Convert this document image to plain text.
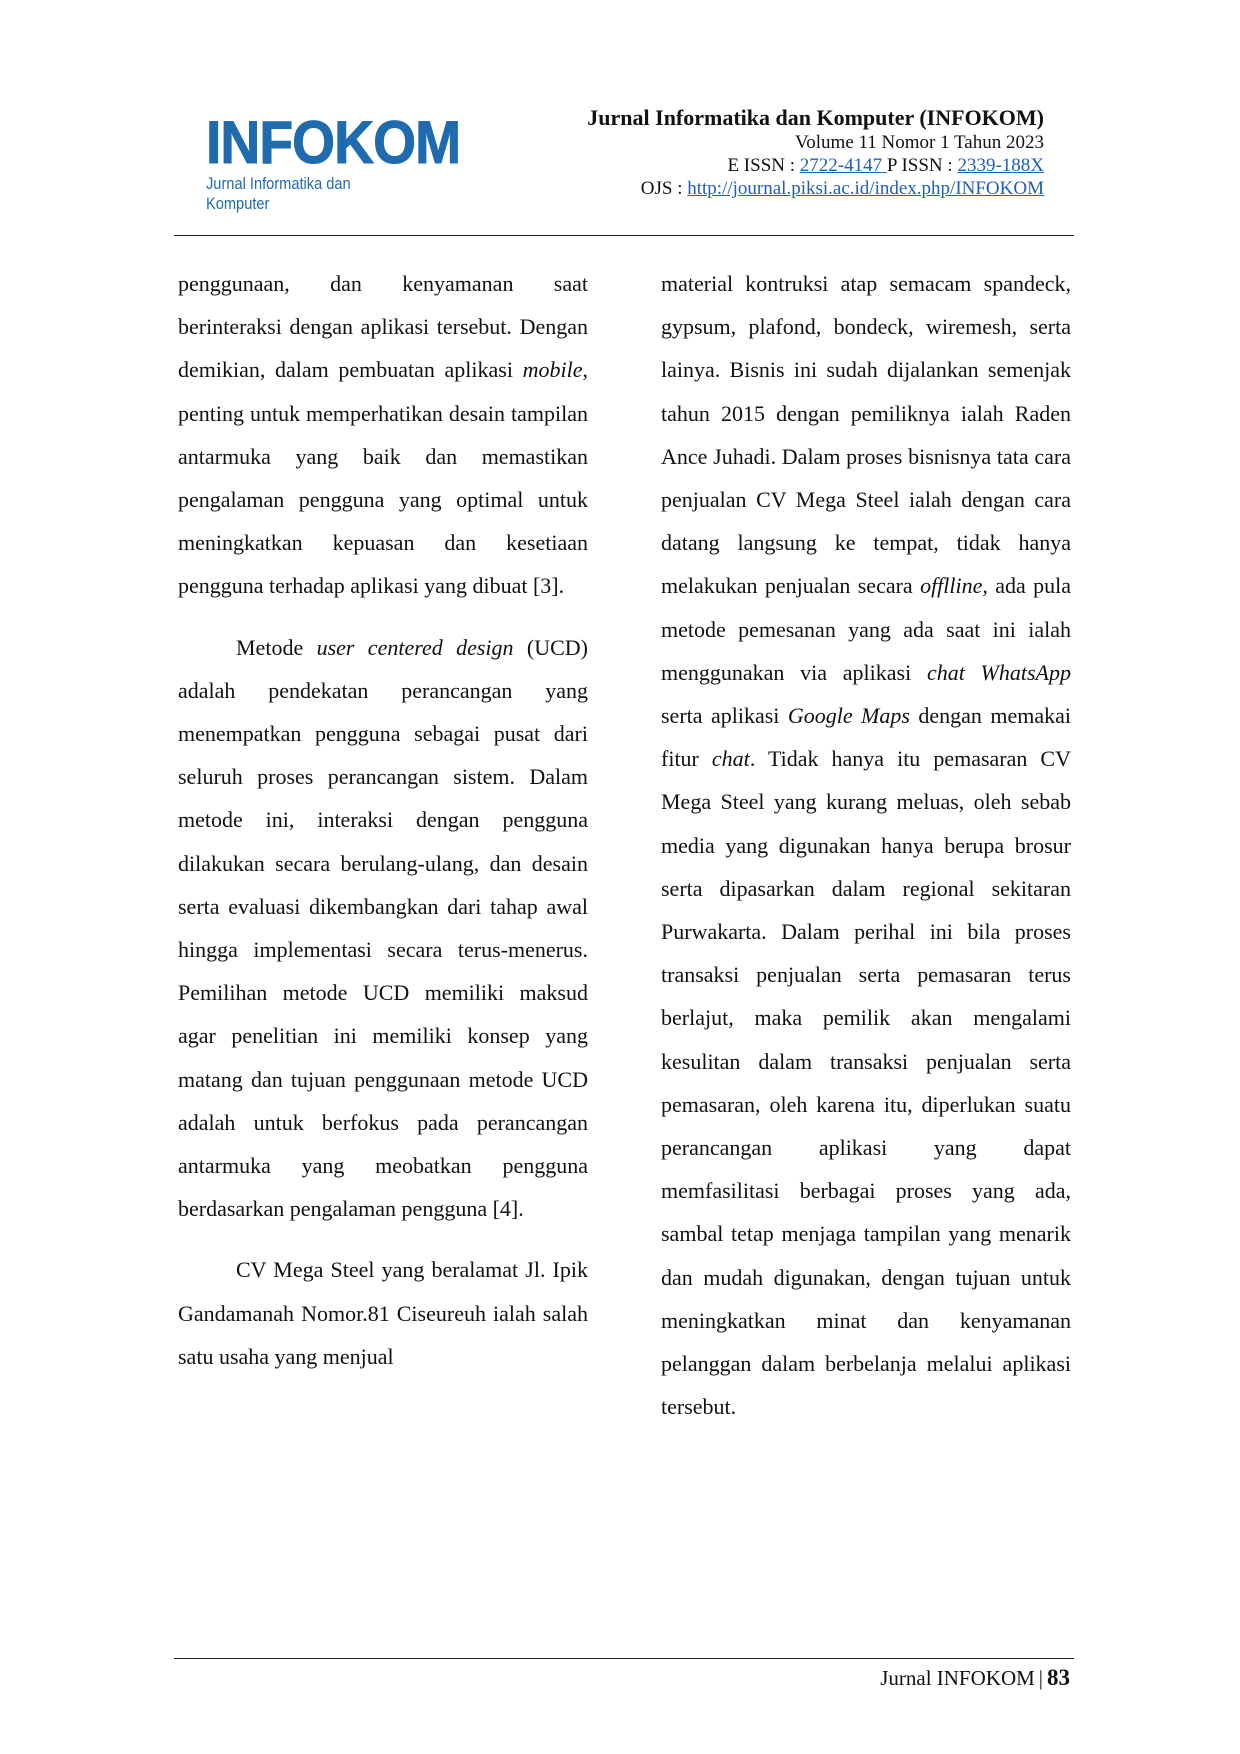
INFOKOM
Jurnal Informatika dan Komputer
Jurnal Informatika dan Komputer (INFOKOM)
Volume 11 Nomor 1 Tahun 2023
E ISSN : 2722-4147 P ISSN : 2339-188X
OJS : http://journal.piksi.ac.id/index.php/INFOKOM

penggunaan, dan kenyamanan saat berinteraksi dengan aplikasi tersebut. Dengan demikian, dalam pembuatan aplikasi mobile, penting untuk memperhatikan desain tampilan antarmuka yang baik dan memastikan pengalaman pengguna yang optimal untuk meningkatkan kepuasan dan kesetiaan pengguna terhadap aplikasi yang dibuat [3].

Metode user centered design (UCD) adalah pendekatan perancangan yang menempatkan pengguna sebagai pusat dari seluruh proses perancangan sistem. Dalam metode ini, interaksi dengan pengguna dilakukan secara berulang-ulang, dan desain serta evaluasi dikembangkan dari tahap awal hingga implementasi secara terus-menerus. Pemilihan metode UCD memiliki maksud agar penelitian ini memiliki konsep yang matang dan tujuan penggunaan metode UCD adalah untuk berfokus pada perancangan antarmuka yang meobatkan pengguna berdasarkan pengalaman pengguna [4].

CV Mega Steel yang beralamat Jl. Ipik Gandamanah Nomor.81 Ciseureuh ialah salah satu usaha yang menjual

material kontruksi atap semacam spandeck, gypsum, plafond, bondeck, wiremesh, serta lainya. Bisnis ini sudah dijalankan semenjak tahun 2015 dengan pemiliknya ialah Raden Ance Juhadi. Dalam proses bisnisnya tata cara penjualan CV Mega Steel ialah dengan cara datang langsung ke tempat, tidak hanya melakukan penjualan secara offlline, ada pula metode pemesanan yang ada saat ini ialah menggunakan via aplikasi chat WhatsApp serta aplikasi Google Maps dengan memakai fitur chat. Tidak hanya itu pemasaran CV Mega Steel yang kurang meluas, oleh sebab media yang digunakan hanya berupa brosur serta dipasarkan dalam regional sekitaran Purwakarta. Dalam perihal ini bila proses transaksi penjualan serta pemasaran terus berlajut, maka pemilik akan mengalami kesulitan dalam transaksi penjualan serta pemasaran, oleh karena itu, diperlukan suatu perancangan aplikasi yang dapat memfasilitasi berbagai proses yang ada, sambal tetap menjaga tampilan yang menarik dan mudah digunakan, dengan tujuan untuk meningkatkan minat dan kenyamanan pelanggan dalam berbelanja melalui aplikasi tersebut.

Jurnal INFOKOM | 83
